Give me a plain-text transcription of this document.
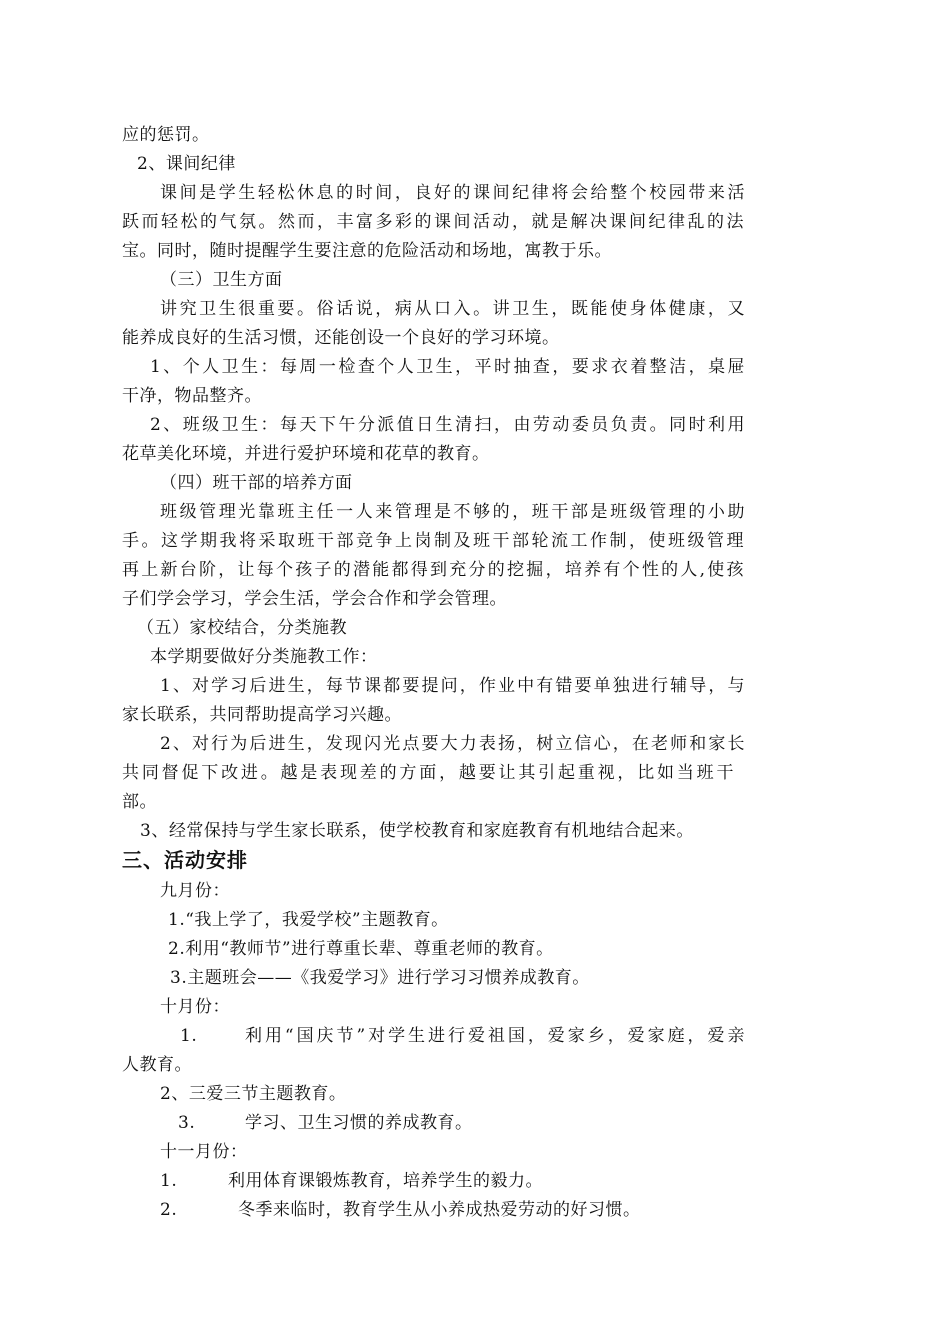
应的惩罚。
2、课间纪律
课间是学生轻松休息的时间，良好的课间纪律将会给整个校园带来活
跃而轻松的气氛。然而，丰富多彩的课间活动，就是解决课间纪律乱的法
宝。同时，随时提醒学生要注意的危险活动和场地，寓教于乐。
（三）卫生方面
讲究卫生很重要。俗话说，病从口入。讲卫生，既能使身体健康，又
能养成良好的生活习惯，还能创设一个良好的学习环境。
1、个人卫生：每周一检查个人卫生，平时抽查，要求衣着整洁，桌屉
干净，物品整齐。
2、班级卫生：每天下午分派值日生清扫，由劳动委员负责。同时利用
花草美化环境，并进行爱护环境和花草的教育。
（四）班干部的培养方面
班级管理光靠班主任一人来管理是不够的，班干部是班级管理的小助
手。这学期我将采取班干部竞争上岗制及班干部轮流工作制，使班级管理
再上新台阶，让每个孩子的潜能都得到充分的挖掘，培养有个性的人,使孩
子们学会学习，学会生活，学会合作和学会管理。
（五）家校结合，分类施教
本学期要做好分类施教工作：
1、对学习后进生，每节课都要提问，作业中有错要单独进行辅导，与
家长联系，共同帮助提高学习兴趣。
2、对行为后进生，发现闪光点要大力表扬，树立信心，在老师和家长
共同督促下改进。越是表现差的方面，越要让其引起重视，比如当班干
部。
3、经常保持与学生家长联系，使学校教育和家庭教育有机地结合起来。
三、活动安排
九月份：
1.“我上学了，我爱学校”主题教育。
2.利用“教师节”进行尊重长辈、尊重老师的教育。
3.主题班会——《我爱学习》进行学习习惯养成教育。
十月份：
1.	利用“国庆节”对学生进行爱祖国，爱家乡，爱家庭，爱亲
人教育。
2、三爱三节主题教育。
3.	学习、卫生习惯的养成教育。
十一月份：
1.	利用体育课锻炼教育，培养学生的毅力。
2.	冬季来临时，教育学生从小养成热爱劳动的好习惯。
